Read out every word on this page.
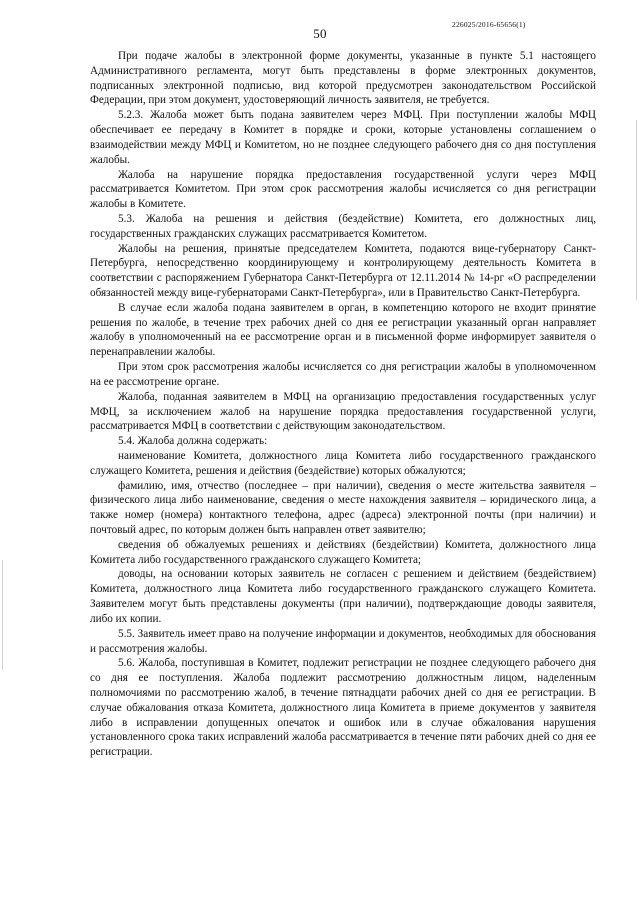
50
226025/2016-65656(1)

При подаче жалобы в электронной форме документы, указанные в пункте 5.1 настоящего Административного регламента, могут быть представлены в форме электронных документов, подписанных электронной подписью, вид которой предусмотрен законодательством Российской Федерации, при этом документ, удостоверяющий личность заявителя, не требуется.

5.2.3. Жалоба может быть подана заявителем через МФЦ. При поступлении жалобы МФЦ обеспечивает ее передачу в Комитет в порядке и сроки, которые установлены соглашением о взаимодействии между МФЦ и Комитетом, но не позднее следующего рабочего дня со дня поступления жалобы.

Жалоба на нарушение порядка предоставления государственной услуги через МФЦ рассматривается Комитетом. При этом срок рассмотрения жалобы исчисляется со дня регистрации жалобы в Комитете.

5.3. Жалоба на решения и действия (бездействие) Комитета, его должностных лиц, государственных гражданских служащих рассматривается Комитетом.

Жалобы на решения, принятые председателем Комитета, подаются вице-губернатору Санкт-Петербурга, непосредственно координирующему и контролирующему деятельность Комитета в соответствии с распоряжением Губернатора Санкт-Петербурга от 12.11.2014 № 14-рг «О распределении обязанностей между вице-губернаторами Санкт-Петербурга», или в Правительство Санкт-Петербурга.

В случае если жалоба подана заявителем в орган, в компетенцию которого не входит принятие решения по жалобе, в течение трех рабочих дней со дня ее регистрации указанный орган направляет жалобу в уполномоченный на ее рассмотрение орган и в письменной форме информирует заявителя о перенаправлении жалобы.

При этом срок рассмотрения жалобы исчисляется со дня регистрации жалобы в уполномоченном на ее рассмотрение органе.

Жалоба, поданная заявителем в МФЦ на организацию предоставления государственных услуг МФЦ, за исключением жалоб на нарушение порядка предоставления государственной услуги, рассматривается МФЦ в соответствии с действующим законодательством.

5.4. Жалоба должна содержать:

наименование Комитета, должностного лица Комитета либо государственного гражданского служащего Комитета, решения и действия (бездействие) которых обжалуются;

фамилию, имя, отчество (последнее – при наличии), сведения о месте жительства заявителя – физического лица либо наименование, сведения о месте нахождения заявителя – юридического лица, а также номер (номера) контактного телефона, адрес (адреса) электронной почты (при наличии) и почтовый адрес, по которым должен быть направлен ответ заявителю;

сведения об обжалуемых решениях и действиях (бездействии) Комитета, должностного лица Комитета либо государственного гражданского служащего Комитета;

доводы, на основании которых заявитель не согласен с решением и действием (бездействием) Комитета, должностного лица Комитета либо государственного гражданского служащего Комитета. Заявителем могут быть представлены документы (при наличии), подтверждающие доводы заявителя, либо их копии.

5.5. Заявитель имеет право на получение информации и документов, необходимых для обоснования и рассмотрения жалобы.

5.6. Жалоба, поступившая в Комитет, подлежит регистрации не позднее следующего рабочего дня со дня ее поступления. Жалоба подлежит рассмотрению должностным лицом, наделенным полномочиями по рассмотрению жалоб, в течение пятнадцати рабочих дней со дня ее регистрации. В случае обжалования отказа Комитета, должностного лица Комитета в приеме документов у заявителя либо в исправлении допущенных опечаток и ошибок или в случае обжалования нарушения установленного срока таких исправлений жалоба рассматривается в течение пяти рабочих дней со дня ее регистрации.
